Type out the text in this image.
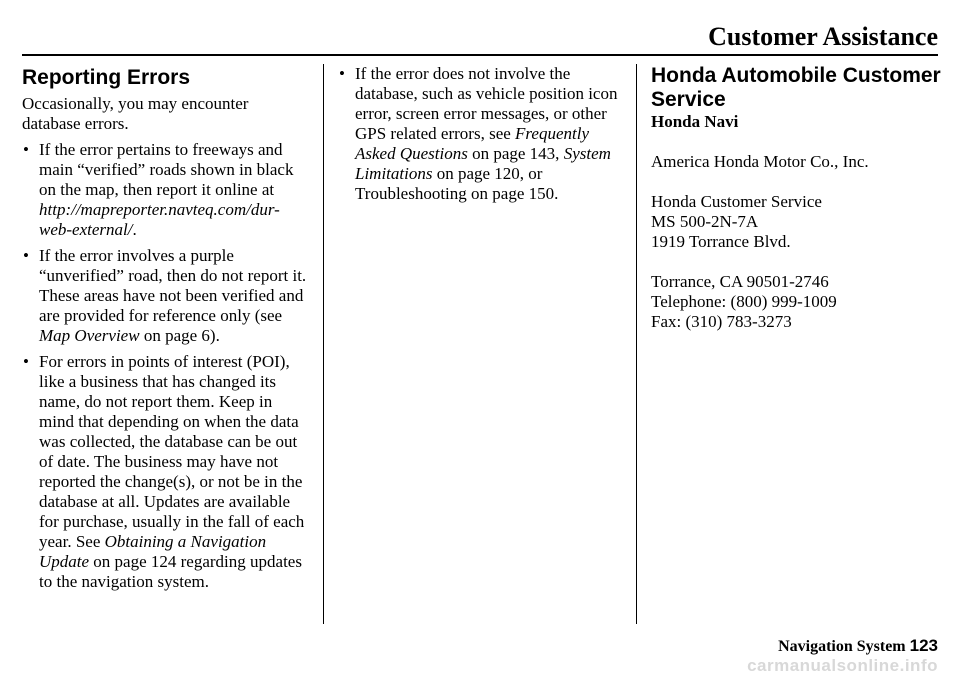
Customer Assistance
Reporting Errors

Occasionally, you may encounter database errors.

• If the error pertains to freeways and main “verified” roads shown in black on the map, then report it online at http://mapreporter.navteq.com/dur-web-external/.
• If the error involves a purple “unverified” road, then do not report it. These areas have not been verified and are provided for reference only (see Map Overview on page 6).
• For errors in points of interest (POI), like a business that has changed its name, do not report them. Keep in mind that depending on when the data was collected, the database can be out of date. The business may have not reported the change(s), or not be in the database at all. Updates are available for purchase, usually in the fall of each year. See Obtaining a Navigation Update on page 124 regarding updates to the navigation system.
• If the error does not involve the database, such as vehicle position icon error, screen error messages, or other GPS related errors, see Frequently Asked Questions on page 143, System Limitations on page 120, or Troubleshooting on page 150.
Honda Automobile Customer Service

Honda Navi

America Honda Motor Co., Inc.

Honda Customer Service

MS 500-2N-7A

1919 Torrance Blvd.

Torrance, CA 90501-2746

Telephone: (800) 999-1009

Fax: (310) 783-3273

Navigation System 123
carmanualsonline.info
